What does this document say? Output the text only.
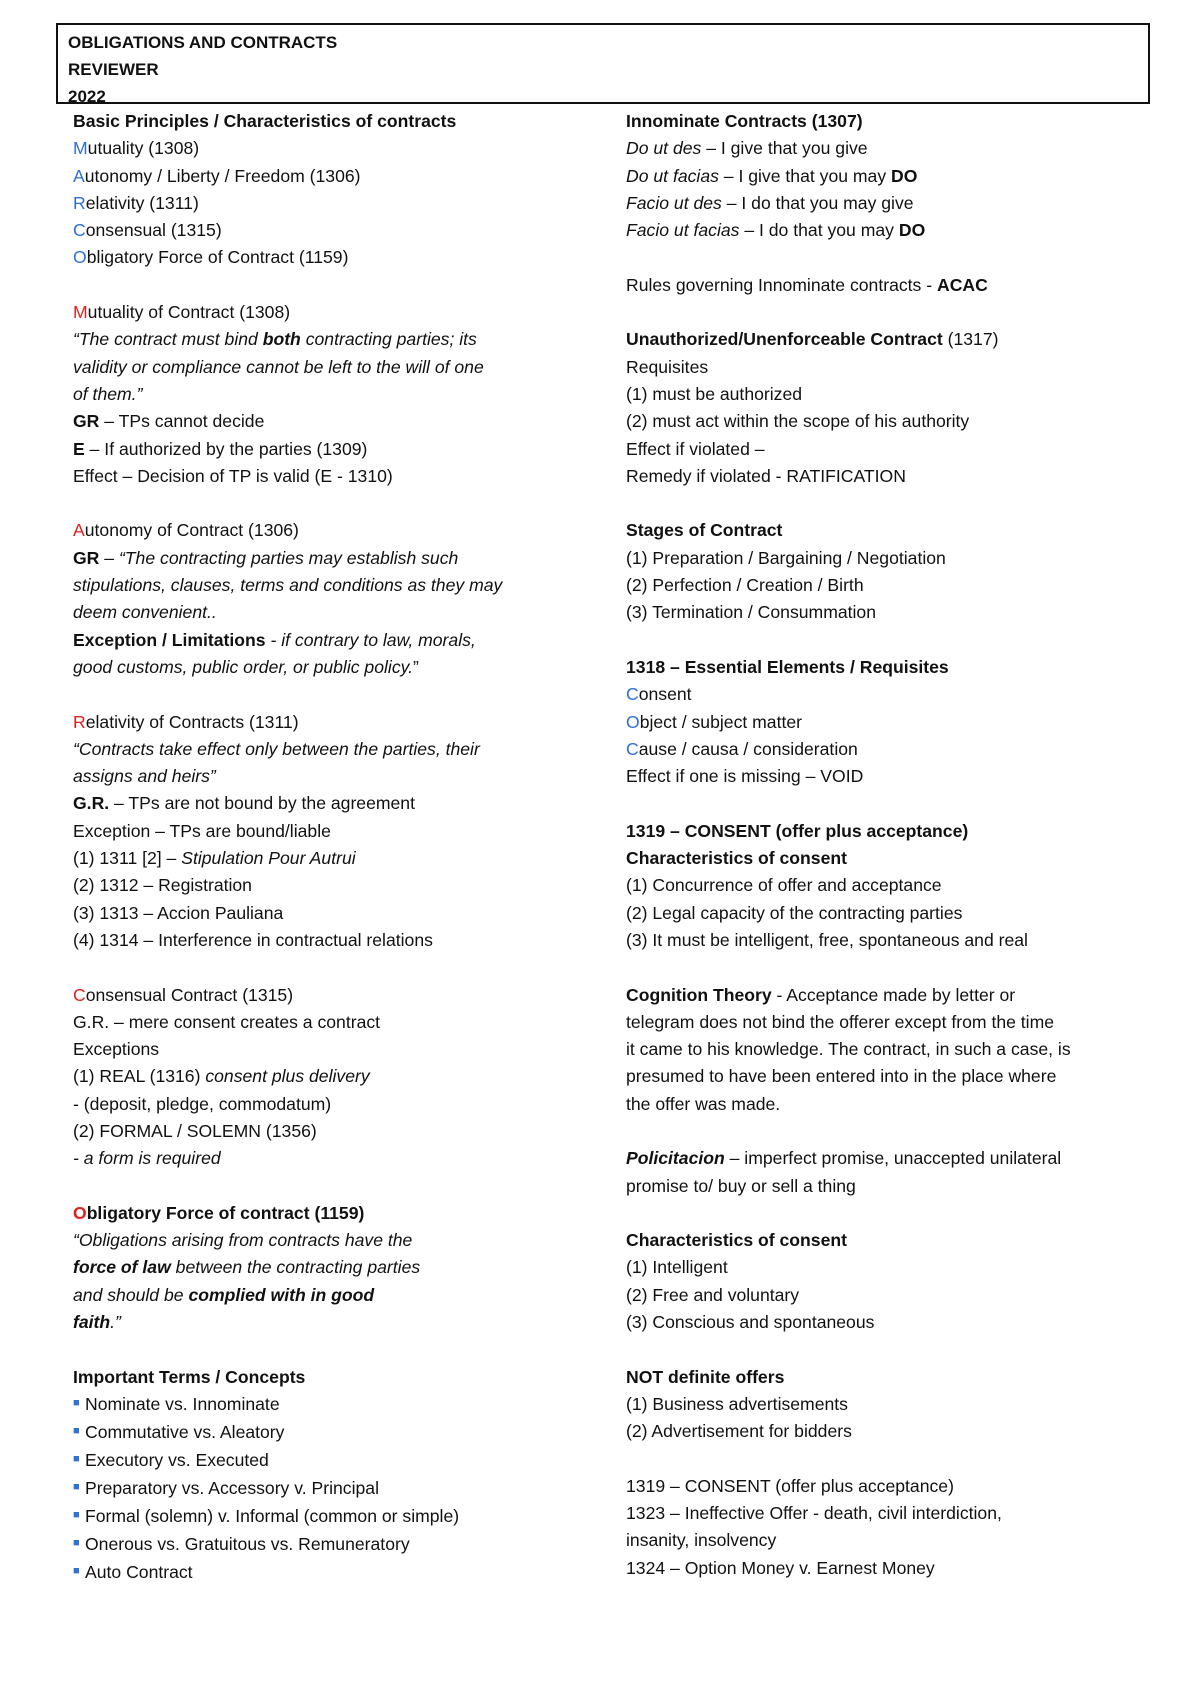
OBLIGATIONS AND CONTRACTS
REVIEWER
2022
Basic Principles / Characteristics of contracts
Mutuality (1308)
Autonomy / Liberty / Freedom (1306)
Relativity (1311)
Consensual (1315)
Obligatory Force of Contract (1159)
Mutuality of Contract (1308)
“The contract must bind both contracting parties; its
validity or compliance cannot be left to the will of one
of them.”
GR – TPs cannot decide
E – If authorized by the parties (1309)
Effect – Decision of TP is valid (E - 1310)
Autonomy of Contract (1306)
GR – “The contracting parties may establish such
stipulations, clauses, terms and conditions as they may
deem convenient..
Exception / Limitations - if contrary to law, morals,
good customs, public order, or public policy.”
Relativity of Contracts (1311)
“Contracts take effect only between the parties, their
assigns and heirs”
G.R. – TPs are not bound by the agreement
Exception – TPs are bound/liable
(1) 1311 [2] – Stipulation Pour Autrui
(2) 1312 – Registration
(3) 1313 – Accion Pauliana
(4) 1314 – Interference in contractual relations
Consensual Contract (1315)
G.R. – mere consent creates a contract
Exceptions
(1) REAL (1316) consent plus delivery
- (deposit, pledge, commodatum)
(2) FORMAL / SOLEMN (1356)
- a form is required
Obligatory Force of contract (1159)
“Obligations arising from contracts have the
force of law between the contracting parties
and should be complied with in good
faith.”
Important Terms / Concepts
■ Nominate vs. Innominate
■ Commutative vs. Aleatory
■ Executory vs. Executed
■ Preparatory vs. Accessory v. Principal
■ Formal (solemn) v. Informal (common or simple)
■ Onerous vs. Gratuitous vs. Remuneratory
■ Auto Contract
Innominate Contracts (1307)
Do ut des – I give that you give
Do ut facias – I give that you may DO
Facio ut des – I do that you may give
Facio ut facias – I do that you may DO
Rules governing Innominate contracts - ACAC
Unauthorized/Unenforceable Contract (1317)
Requisites
(1) must be authorized
(2) must act within the scope of his authority
Effect if violated –
Remedy if violated - RATIFICATION
Stages of Contract
(1) Preparation / Bargaining / Negotiation
(2) Perfection / Creation / Birth
(3) Termination / Consummation
1318 – Essential Elements / Requisites
Consent
Object / subject matter
Cause / causa / consideration
Effect if one is missing – VOID
1319 – CONSENT (offer plus acceptance)
Characteristics of consent
(1) Concurrence of offer and acceptance
(2) Legal capacity of the contracting parties
(3) It must be intelligent, free, spontaneous and real
Cognition Theory - Acceptance made by letter or
telegram does not bind the offerer except from the time
it came to his knowledge. The contract, in such a case, is
presumed to have been entered into in the place where
the offer was made.
Policitacion – imperfect promise, unaccepted unilateral
promise to/ buy or sell a thing
Characteristics of consent
(1) Intelligent
(2) Free and voluntary
(3) Conscious and spontaneous
NOT definite offers
(1) Business advertisements
(2) Advertisement for bidders
1319 – CONSENT (offer plus acceptance)
1323 – Ineffective Offer - death, civil interdiction,
insanity, insolvency
1324 – Option Money v. Earnest Money
